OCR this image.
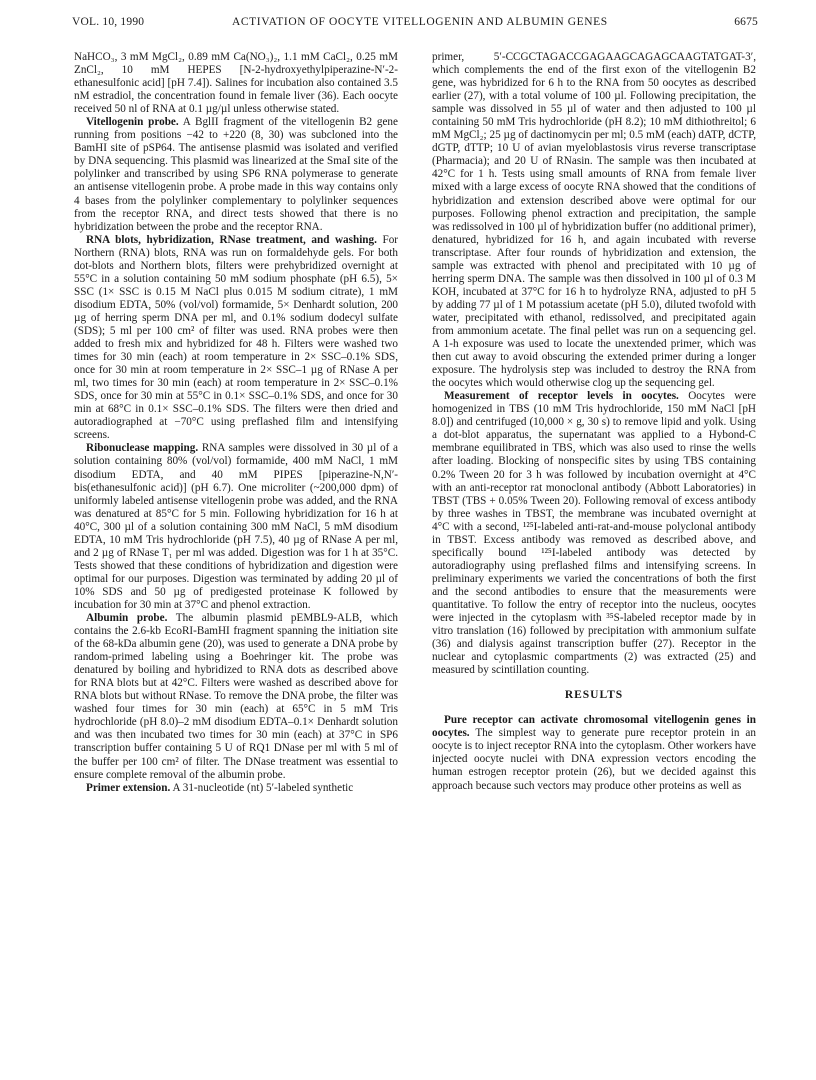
VOL. 10, 1990	ACTIVATION OF OOCYTE VITELLOGENIN AND ALBUMIN GENES	6675

NaHCO₃, 3 mM MgCl₂, 0.89 mM Ca(NO₃)₂, 1.1 mM CaCl₂, 0.25 mM ZnCl₂, 10 mM HEPES [N-2-hydroxyethylpiperazine-N′-2-ethanesulfonic acid] [pH 7.4]). Salines for incubation also contained 3.5 nM estradiol, the concentration found in female liver (36). Each oocyte received 50 nl of RNA at 0.1 µg/µl unless otherwise stated.

Vitellogenin probe. A BglII fragment of the vitellogenin B2 gene running from positions −42 to +220 (8, 30) was subcloned into the BamHI site of pSP64. The antisense plasmid was isolated and verified by DNA sequencing. This plasmid was linearized at the SmaI site of the polylinker and transcribed by using SP6 RNA polymerase to generate an antisense vitellogenin probe. A probe made in this way contains only 4 bases from the polylinker complementary to polylinker sequences from the receptor RNA, and direct tests showed that there is no hybridization between the probe and the receptor RNA.

RNA blots, hybridization, RNase treatment, and washing. For Northern (RNA) blots, RNA was run on formaldehyde gels. For both dot-blots and Northern blots, filters were prehybridized overnight at 55°C in a solution containing 50 mM sodium phosphate (pH 6.5), 5× SSC (1× SSC is 0.15 M NaCl plus 0.015 M sodium citrate), 1 mM disodium EDTA, 50% (vol/vol) formamide, 5× Denhardt solution, 200 µg of herring sperm DNA per ml, and 0.1% sodium dodecyl sulfate (SDS); 5 ml per 100 cm² of filter was used. RNA probes were then added to fresh mix and hybridized for 48 h. Filters were washed two times for 30 min (each) at room temperature in 2× SSC–0.1% SDS, once for 30 min at room temperature in 2× SSC–1 µg of RNase A per ml, two times for 30 min (each) at room temperature in 2× SSC–0.1% SDS, once for 30 min at 55°C in 0.1× SSC–0.1% SDS, and once for 30 min at 68°C in 0.1× SSC–0.1% SDS. The filters were then dried and autoradiographed at −70°C using preflashed film and intensifying screens.

Ribonuclease mapping. RNA samples were dissolved in 30 µl of a solution containing 80% (vol/vol) formamide, 400 mM NaCl, 1 mM disodium EDTA, and 40 mM PIPES [piperazine-N,N′-bis(ethanesulfonic acid)] (pH 6.7). One microliter (~200,000 dpm) of uniformly labeled antisense vitellogenin probe was added, and the RNA was denatured at 85°C for 5 min. Following hybridization for 16 h at 40°C, 300 µl of a solution containing 300 mM NaCl, 5 mM disodium EDTA, 10 mM Tris hydrochloride (pH 7.5), 40 µg of RNase A per ml, and 2 µg of RNase T₁ per ml was added. Digestion was for 1 h at 35°C. Tests showed that these conditions of hybridization and digestion were optimal for our purposes. Digestion was terminated by adding 20 µl of 10% SDS and 50 µg of predigested proteinase K followed by incubation for 30 min at 37°C and phenol extraction.

Albumin probe. The albumin plasmid pEMBL9-ALB, which contains the 2.6-kb EcoRI-BamHI fragment spanning the initiation site of the 68-kDa albumin gene (20), was used to generate a DNA probe by random-primed labeling using a Boehringer kit. The probe was denatured by boiling and hybridized to RNA dots as described above for RNA blots but at 42°C. Filters were washed as described above for RNA blots but without RNase. To remove the DNA probe, the filter was washed four times for 30 min (each) at 65°C in 5 mM Tris hydrochloride (pH 8.0)–2 mM disodium EDTA–0.1× Denhardt solution and was then incubated two times for 30 min (each) at 37°C in SP6 transcription buffer containing 5 U of RQ1 DNase per ml with 5 ml of the buffer per 100 cm² of filter. The DNase treatment was essential to ensure complete removal of the albumin probe.

Primer extension. A 31-nucleotide (nt) 5′-labeled synthetic

primer, 5′-CCGCTAGACCGAGAAGCAGAGCAAGTATGAT-3′, which complements the end of the first exon of the vitellogenin B2 gene, was hybridized for 6 h to the RNA from 50 oocytes as described earlier (27), with a total volume of 100 µl. Following precipitation, the sample was dissolved in 55 µl of water and then adjusted to 100 µl containing 50 mM Tris hydrochloride (pH 8.2); 10 mM dithiothreitol; 6 mM MgCl₂; 25 µg of dactinomycin per ml; 0.5 mM (each) dATP, dCTP, dGTP, dTTP; 10 U of avian myeloblastosis virus reverse transcriptase (Pharmacia); and 20 U of RNasin. The sample was then incubated at 42°C for 1 h. Tests using small amounts of RNA from female liver mixed with a large excess of oocyte RNA showed that the conditions of hybridization and extension described above were optimal for our purposes. Following phenol extraction and precipitation, the sample was redissolved in 100 µl of hybridization buffer (no additional primer), denatured, hybridized for 16 h, and again incubated with reverse transcriptase. After four rounds of hybridization and extension, the sample was extracted with phenol and precipitated with 10 µg of herring sperm DNA. The sample was then dissolved in 100 µl of 0.3 M KOH, incubated at 37°C for 16 h to hydrolyze RNA, adjusted to pH 5 by adding 77 µl of 1 M potassium acetate (pH 5.0), diluted twofold with water, precipitated with ethanol, redissolved, and precipitated again from ammonium acetate. The final pellet was run on a sequencing gel. A 1-h exposure was used to locate the unextended primer, which was then cut away to avoid obscuring the extended primer during a longer exposure. The hydrolysis step was included to destroy the RNA from the oocytes which would otherwise clog up the sequencing gel.

Measurement of receptor levels in oocytes. Oocytes were homogenized in TBS (10 mM Tris hydrochloride, 150 mM NaCl [pH 8.0]) and centrifuged (10,000 × g, 30 s) to remove lipid and yolk. Using a dot-blot apparatus, the supernatant was applied to a Hybond-C membrane equilibrated in TBS, which was also used to rinse the wells after loading. Blocking of nonspecific sites by using TBS containing 0.2% Tween 20 for 3 h was followed by incubation overnight at 4°C with an anti-receptor rat monoclonal antibody (Abbott Laboratories) in TBST (TBS + 0.05% Tween 20). Following removal of excess antibody by three washes in TBST, the membrane was incubated overnight at 4°C with a second, ¹²⁵I-labeled anti-rat-and-mouse polyclonal antibody in TBST. Excess antibody was removed as described above, and specifically bound ¹²⁵I-labeled antibody was detected by autoradiography using preflashed films and intensifying screens. In preliminary experiments we varied the concentrations of both the first and the second antibodies to ensure that the measurements were quantitative. To follow the entry of receptor into the nucleus, oocytes were injected in the cytoplasm with ³⁵S-labeled receptor made by in vitro translation (16) followed by precipitation with ammonium sulfate (36) and dialysis against transcription buffer (27). Receptor in the nuclear and cytoplasmic compartments (2) was extracted (25) and measured by scintillation counting.

RESULTS

Pure receptor can activate chromosomal vitellogenin genes in oocytes. The simplest way to generate pure receptor protein in an oocyte is to inject receptor RNA into the cytoplasm. Other workers have injected oocyte nuclei with DNA expression vectors encoding the human estrogen receptor protein (26), but we decided against this approach because such vectors may produce other proteins as well as
